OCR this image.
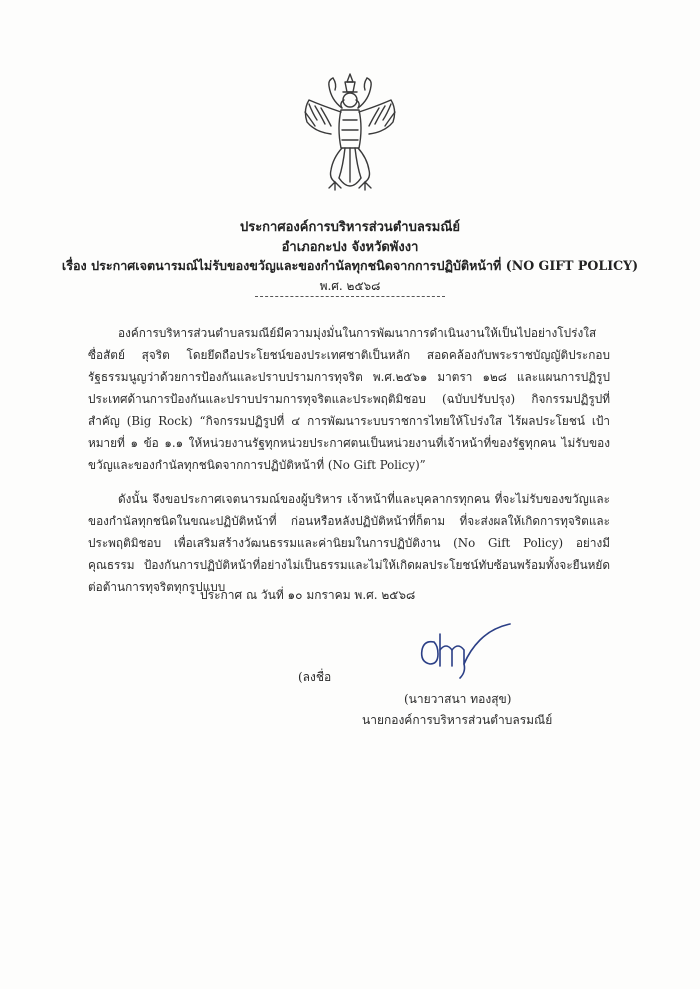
ประกาศองค์การบริหารส่วนตำบลรมณีย์
อำเภอกะปง จังหวัดพังงา
เรื่อง ประกาศเจตนารมณ์ไม่รับของขวัญและของกำนัลทุกชนิดจากการปฏิบัติหน้าที่ (NO GIFT POLICY)
พ.ศ. ๒๕๖๘

องค์การบริหารส่วนตำบลรมณีย์มีความมุ่งมั่นในการพัฒนาการดำเนินงานให้เป็นไปอย่างโปร่งใส ซื่อสัตย์ สุจริต โดยยึดถือประโยชน์ของประเทศชาติเป็นหลัก สอดคล้องกับพระราชบัญญัติประกอบรัฐธรรมนูญว่าด้วยการป้องกันและปราบปรามการทุจริต พ.ศ.๒๕๖๑ มาตรา ๑๒๘ และแผนการปฏิรูปประเทศด้านการป้องกันและปราบปรามการทุจริตและประพฤติมิชอบ (ฉบับปรับปรุง) กิจกรรมปฏิรูปที่สำคัญ (Big Rock) “กิจกรรมปฏิรูปที่ ๔ การพัฒนาระบบราชการไทยให้โปร่งใส ไร้ผลประโยชน์ เป้าหมายที่ ๑ ข้อ ๑.๑ ให้หน่วยงานรัฐทุกหน่วยประกาศตนเป็นหน่วยงานที่เจ้าหน้าที่ของรัฐทุกคน ไม่รับของขวัญและของกำนัลทุกชนิดจากการปฏิบัติหน้าที่ (No Gift Policy)”

ดังนั้น จึงขอประกาศเจตนารมณ์ของผู้บริหาร เจ้าหน้าที่และบุคลากรทุกคน ที่จะไม่รับของขวัญและของกำนัลทุกชนิดในขณะปฏิบัติหน้าที่ ก่อนหรือหลังปฏิบัติหน้าที่ก็ตาม ที่จะส่งผลให้เกิดการทุจริตและประพฤติมิชอบ เพื่อเสริมสร้างวัฒนธรรมและค่านิยมในการปฏิบัติงาน (No Gift Policy) อย่างมีคุณธรรม ป้องกันการปฏิบัติหน้าที่อย่างไม่เป็นธรรมและไม่ให้เกิดผลประโยชน์ทับซ้อนพร้อมทั้งจะยืนหยัดต่อต้านการทุจริตทุกรูปแบบ

ประกาศ ณ วันที่ ๑๐ มกราคม พ.ศ. ๒๕๖๘
(ลงชื่อ
(นายวาสนา ทองสุข)
นายกองค์การบริหารส่วนตำบลรมณีย์
